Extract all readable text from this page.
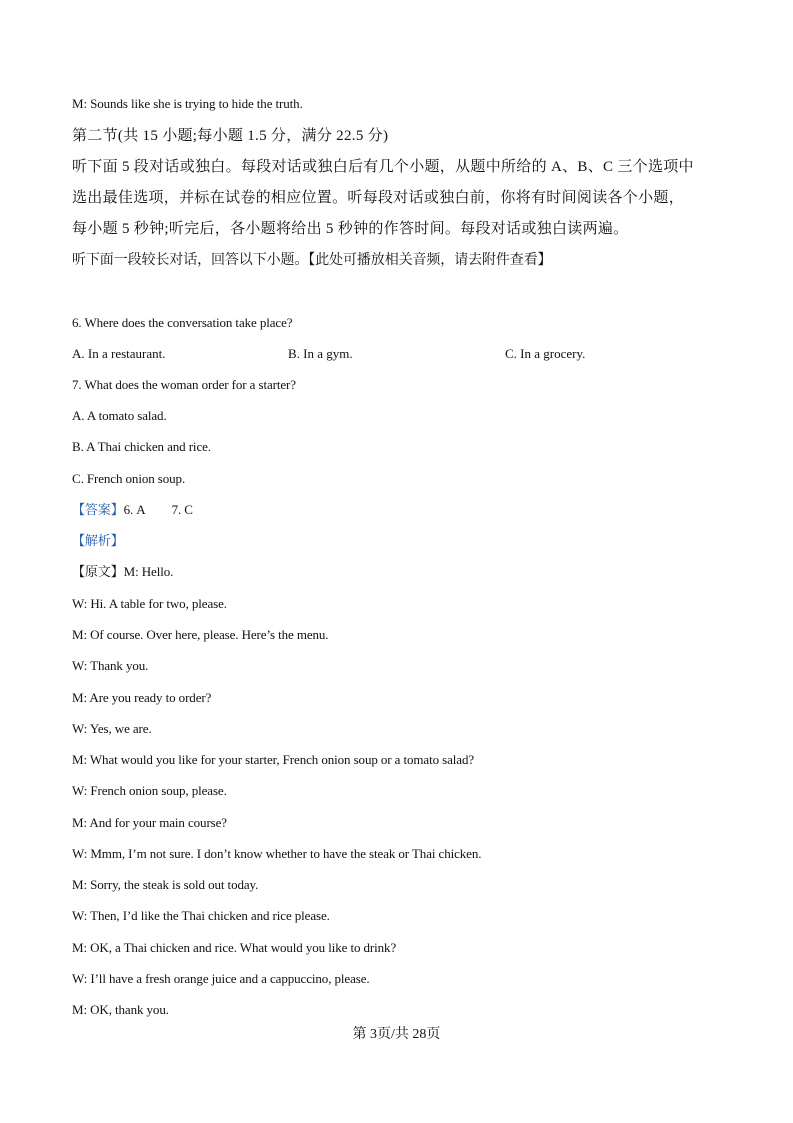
M: Sounds like she is trying to hide the truth.
第二节(共 15 小题;每小题 1.5 分，满分 22.5 分)
听下面 5 段对话或独白。每段对话或独白后有几个小题，从题中所给的 A、B、C 三个选项中
选出最佳选项，并标在试卷的相应位置。听每段对话或独白前，你将有时间阅读各个小题，
每小题 5 秒钟;听完后，各小题将给出 5 秒钟的作答时间。每段对话或独白读两遍。
听下面一段较长对话，回答以下小题。【此处可播放相关音频，请去附件查看】
6. Where does the conversation take place?
A. In a restaurant.	B. In a gym.	C. In a grocery.
7. What does the woman order for a starter?
A. A tomato salad.
B. A Thai chicken and rice.
C. French onion soup.
【答案】6. A 7. C
【解析】
【原文】M: Hello.
W: Hi. A table for two, please.
M: Of course. Over here, please. Here’s the menu.
W: Thank you.
M: Are you ready to order?
W: Yes, we are.
M: What would you like for your starter, French onion soup or a tomato salad?
W: French onion soup, please.
M: And for your main course?
W: Mmm, I’m not sure. I don’t know whether to have the steak or Thai chicken.
M: Sorry, the steak is sold out today.
W: Then, I’d like the Thai chicken and rice please.
M: OK, a Thai chicken and rice. What would you like to drink?
W: I’ll have a fresh orange juice and a cappuccino, please.
M: OK, thank you.
第 3页/共 28页
